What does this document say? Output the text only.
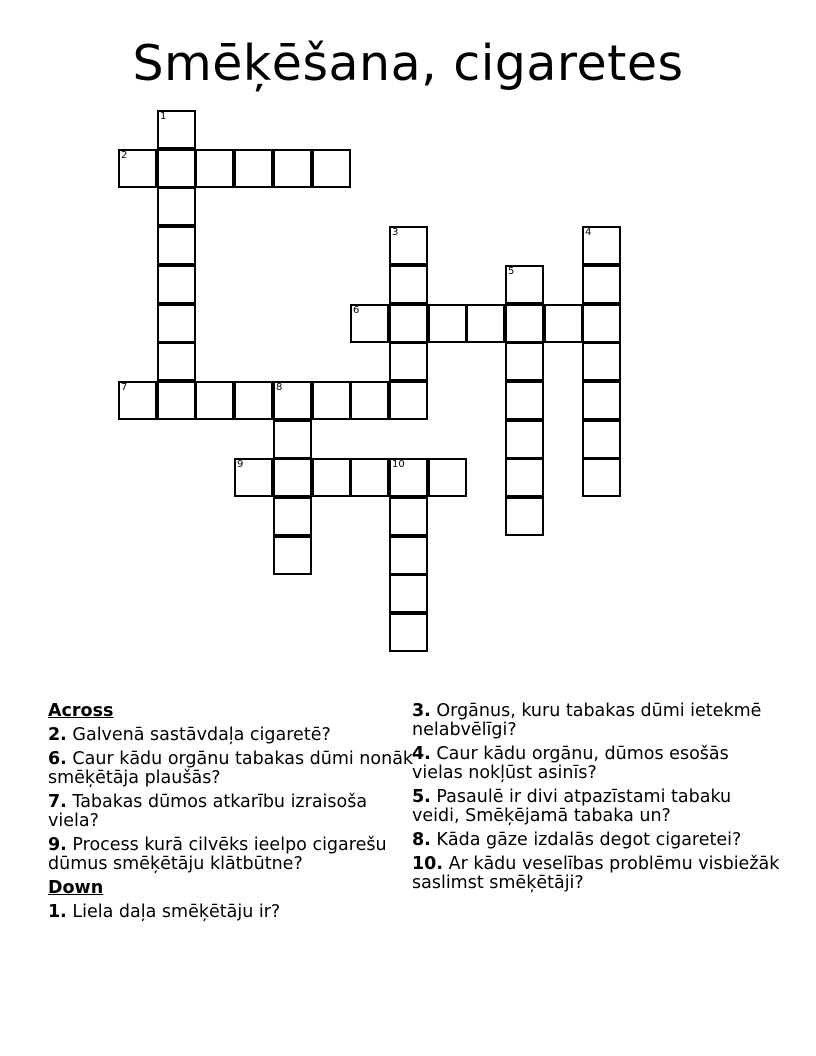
Smēķēšana, cigaretes
1
2
3	4
5
6
7	8
9	10
Across
2. Galvenā sastāvdaļa cigaretē?
6. Caur kādu orgānu tabakas dūmi nonāk smēķētāja plaušās?
7. Tabakas dūmos atkarību izraisoša viela?
9. Process kurā cilvēks ieelpo cigarešu dūmus smēķētāju klātbūtne?
Down
1. Liela daļa smēķētāju ir?
3. Orgānus, kuru tabakas dūmi ietekmē nelabvēlīgi?
4. Caur kādu orgānu, dūmos esošās vielas nokļūst asinīs?
5. Pasaulē ir divi atpazīstami tabaku veidi, Smēķējamā tabaka un?
8. Kāda gāze izdalās degot cigaretei?
10. Ar kādu veselības problēmu visbiežāk saslimst smēķētāji?
